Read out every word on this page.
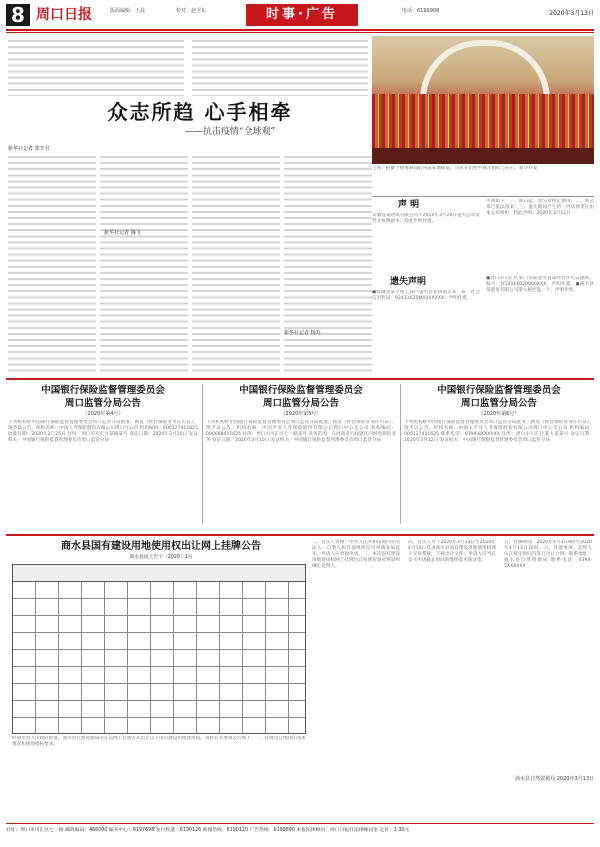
8 周口日报	版面编辑：王晨	校对：赵卫东	时事·广告	电话：6199908	2020年3月13日
上图：拍摄于疫情期间的河南某地街道，市民在防控中展示团结与信心。新华社发
众志所趋 心手相牵
——抗击疫情“全球观”
新华社记者 郑开君
新华社记者 魏飞
新华社记者 杨苏
声 明
安徽省某建筑有限公司于2019年3月20日遗失公章及营业执照副本，特此声明作废。
声明如下：一、即日起，原公章停止使用；二、新公章已依法备案；三、遗失期间产生的一切法律责任由本公司承担。特此声明。2020年3月12日
遗失声明
●郸城县某个体工商户遗失营业执照正本，统一社会信用代码：92411625MA4XXXXX，声明作废。
●周口市川汇区某门市部遗失食品经营许可证副本，编号：JY14116020000XXX，声明作废。●商水县某商贸有限公司遗失税控盘一个，声明作废。
中国银行保险监督管理委员会
周口监管分局公告
（2020年第4号）
下列机构经中国银行保险监督管理委员会周口监管分局批准，换发《经营保险业务许可证》，现予以公告。机构名称：中国人寿保险股份有限公司周口分公司 机构编码：000127411625 批准日期：2020年2月25日 住所：周口市川汇区某路某号 发证日期：2020年3月10日 发证机关：中国银行保险监督管理委员会周口监管分局
中国银行保险监督管理委员会
周口监管分局公告
（2020年第5号）
下列机构经中国银行保险监督管理委员会周口监管分局批准，换发《经营保险业务许可证》，现予以公告。机构名称：中国平安人寿保险股份有限公司周口中心支公司 机构编码：000088411625 住所：周口市川汇区七一路某号 业务范围：在河南省行政辖区内经营保险业务 发证日期：2020年3月10日 发证机关：中国银行保险监督管理委员会周口监管分局
中国银行保险监督管理委员会
周口监管分局公告
（2020年第6号）
下列机构经中国银行保险监督管理委员会周口监管分局批准，换发《经营保险业务许可证》，现予以公告。机构名称：中国太平洋人寿保险股份有限公司周口中心支公司 机构编码：000127411625 联系电话：0394-8XXXXXX 住所：周口市川汇区某大道某号 发证日期：2020年3月12日 发证机关：中国银行保险监督管理委员会周口监管分局
商水县国有建设用地使用权出让网上挂牌公告
商水县国土告字〔2020〕1号
经商水县人民政府批准，商水县自然资源局决定以网上挂牌方式出让以下国有建设用地使用权。现将有关事项公告如下：一、挂牌出让地块的基本情况和规划指标要求。
二、竞买人资格：中华人民共和国境内外的法人、自然人和其他组织均可申请参加竞买，申请人应单独申请。三、本次国有建设用地使用权网上挂牌出让按照价高者得原则确定竞得人。
四、竞买人可于2020年3月13日至2020年4月10日登录商水县国有建设用地使用权网上交易系统，下载出让文件。申请人应当在竞买申请截止时间前缴纳竞买保证金。
五、挂牌时间：2020年4月3日9时至2020年4月13日10时。六、其他事项：竞得人应在规定时间内签订出让合同。联系地址：商水县自然资源局 联系电话：0394-5XXXXXX
商水县自然资源局 2020年3月13日
社址：周口市川汇区七一路 邮政编码：466000 编务中心：6197698 发行投递：6190126 新闻热线：6190120 广告热线：6199890 本报法律顾问：周口日报社法律顾问室 定价：1.30元
